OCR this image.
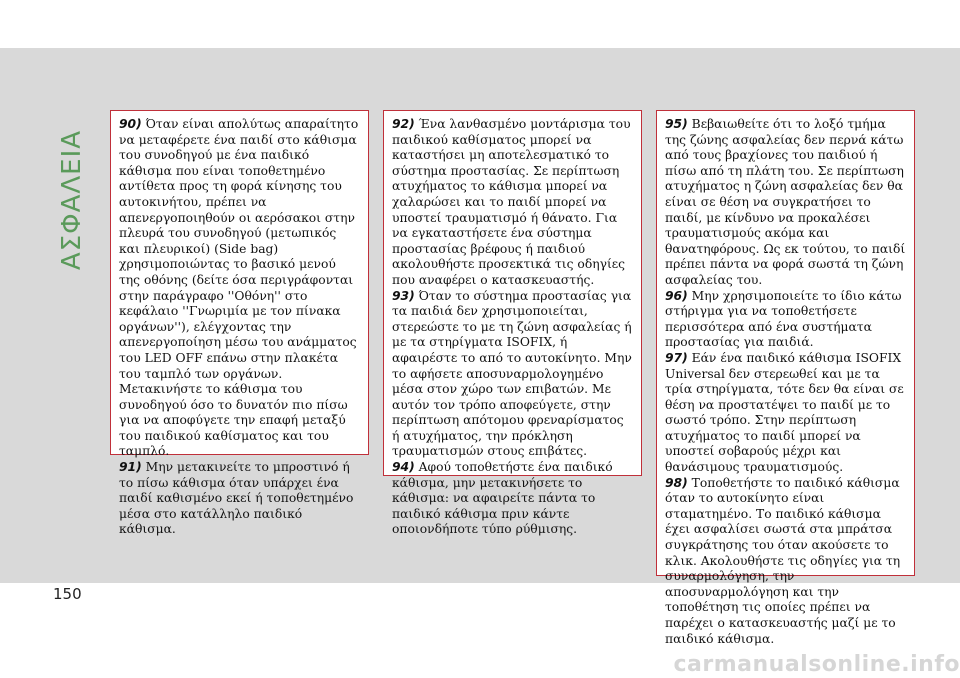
ΑΣΦΑΛΕΙΑ

90) Όταν είναι απολύτως απαραίτητο να μεταφέρετε ένα παιδί στο κάθισμα του συνοδηγού με ένα παιδικό κάθισμα που είναι τοποθετημένο αντίθετα προς τη φορά κίνησης του αυτοκινήτου, πρέπει να απενεργοποιηθούν οι αερόσακοι στην πλευρά του συνοδηγού (μετωπικός και πλευρικοί) (Side bag) χρησιμοποιώντας το βασικό μενού της οθόνης (δείτε όσα περιγράφονται στην παράγραφο ''Οθόνη'' στο κεφάλαιο ''Γνωριμία με τον πίνακα οργάνων''), ελέγχοντας την απενεργοποίηση μέσω του ανάμματος του LED OFF επάνω στην πλακέτα του ταμπλό των οργάνων. Μετακινήστε το κάθισμα του συνοδηγού όσο το δυνατόν πιο πίσω για να αποφύγετε την επαφή μεταξύ του παιδικού καθίσματος και του ταμπλό.

91) Μην μετακινείτε το μπροστινό ή το πίσω κάθισμα όταν υπάρχει ένα παιδί καθισμένο εκεί ή τοποθετημένο μέσα στο κατάλληλο παιδικό κάθισμα.

92) Ένα λανθασμένο μοντάρισμα του παιδικού καθίσματος μπορεί να καταστήσει μη αποτελεσματικό το σύστημα προστασίας. Σε περίπτωση ατυχήματος το κάθισμα μπορεί να χαλαρώσει και το παιδί μπορεί να υποστεί τραυματισμό ή θάνατο. Για να εγκαταστήσετε ένα σύστημα προστασίας βρέφους ή παιδιού ακολουθήστε προσεκτικά τις οδηγίες που αναφέρει ο κατασκευαστής.

93) Όταν το σύστημα προστασίας για τα παιδιά δεν χρησιμοποιείται, στερεώστε το με τη ζώνη ασφαλείας ή με τα στηρίγματα ISOFIX, ή αφαιρέστε το από το αυτοκίνητο. Μην το αφήσετε αποσυναρμολογημένο μέσα στον χώρο των επιβατών. Με αυτόν τον τρόπο αποφεύγετε, στην περίπτωση απότομου φρεναρίσματος ή ατυχήματος, την πρόκληση τραυματισμών στους επιβάτες.

94) Αφού τοποθετήστε ένα παιδικό κάθισμα, μην μετακινήσετε το κάθισμα: να αφαιρείτε πάντα το παιδικό κάθισμα πριν κάντε οποιονδήποτε τύπο ρύθμισης.

95) Βεβαιωθείτε ότι το λοξό τμήμα της ζώνης ασφαλείας δεν περνά κάτω από τους βραχίονες του παιδιού ή πίσω από τη πλάτη του. Σε περίπτωση ατυχήματος η ζώνη ασφαλείας δεν θα είναι σε θέση να συγκρατήσει το παιδί, με κίνδυνο να προκαλέσει τραυματισμούς ακόμα και θανατηφόρους. Ως εκ τούτου, το παιδί πρέπει πάντα να φορά σωστά τη ζώνη ασφαλείας του.

96) Μην χρησιμοποιείτε το ίδιο κάτω στήριγμα για να τοποθετήσετε περισσότερα από ένα συστήματα προστασίας για παιδιά.

97) Εάν ένα παιδικό κάθισμα ISOFIX Universal δεν στερεωθεί και με τα τρία στηρίγματα, τότε δεν θα είναι σε θέση να προστατέψει το παιδί με το σωστό τρόπο. Στην περίπτωση ατυχήματος το παιδί μπορεί να υποστεί σοβαρούς μέχρι και θανάσιμους τραυματισμούς.

98) Τοποθετήστε το παιδικό κάθισμα όταν το αυτοκίνητο είναι σταματημένο. Το παιδικό κάθισμα έχει ασφαλίσει σωστά στα μπράτσα συγκράτησης του όταν ακούσετε το κλικ. Ακολουθήστε τις οδηγίες για τη συναρμολόγηση, την αποσυναρμολόγηση και την τοποθέτηση τις οποίες πρέπει να παρέχει ο κατασκευαστής μαζί με το παιδικό κάθισμα.

150
carmanualsonline.info
